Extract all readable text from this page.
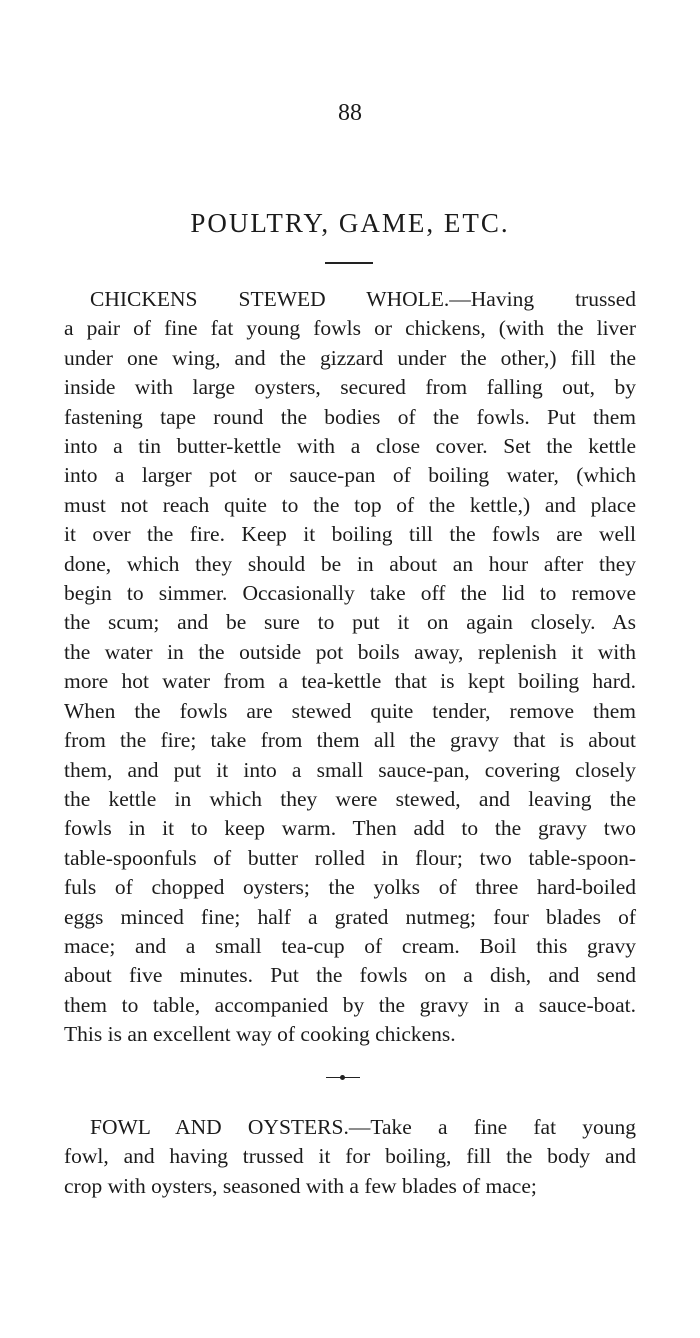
88
POULTRY, GAME, ETC.
CHICKENS STEWED WHOLE.—Having trussed
a pair of fine fat young fowls or chickens, (with the liver
under one wing, and the gizzard under the other,) fill the
inside with large oysters, secured from falling out, by
fastening tape round the bodies of the fowls. Put them
into a tin butter-kettle with a close cover. Set the kettle
into a larger pot or sauce-pan of boiling water, (which
must not reach quite to the top of the kettle,) and place
it over the fire. Keep it boiling till the fowls are well
done, which they should be in about an hour after they
begin to simmer. Occasionally take off the lid to remove
the scum; and be sure to put it on again closely. As
the water in the outside pot boils away, replenish it with
more hot water from a tea-kettle that is kept boiling hard.
When the fowls are stewed quite tender, remove them
from the fire; take from them all the gravy that is about
them, and put it into a small sauce-pan, covering closely
the kettle in which they were stewed, and leaving the
fowls in it to keep warm. Then add to the gravy two
table-spoonfuls of butter rolled in flour; two table-spoon-
fuls of chopped oysters; the yolks of three hard-boiled
eggs minced fine; half a grated nutmeg; four blades of
mace; and a small tea-cup of cream. Boil this gravy
about five minutes. Put the fowls on a dish, and send
them to table, accompanied by the gravy in a sauce-boat.
This is an excellent way of cooking chickens.
FOWL AND OYSTERS.—Take a fine fat young
fowl, and having trussed it for boiling, fill the body and
crop with oysters, seasoned with a few blades of mace;
